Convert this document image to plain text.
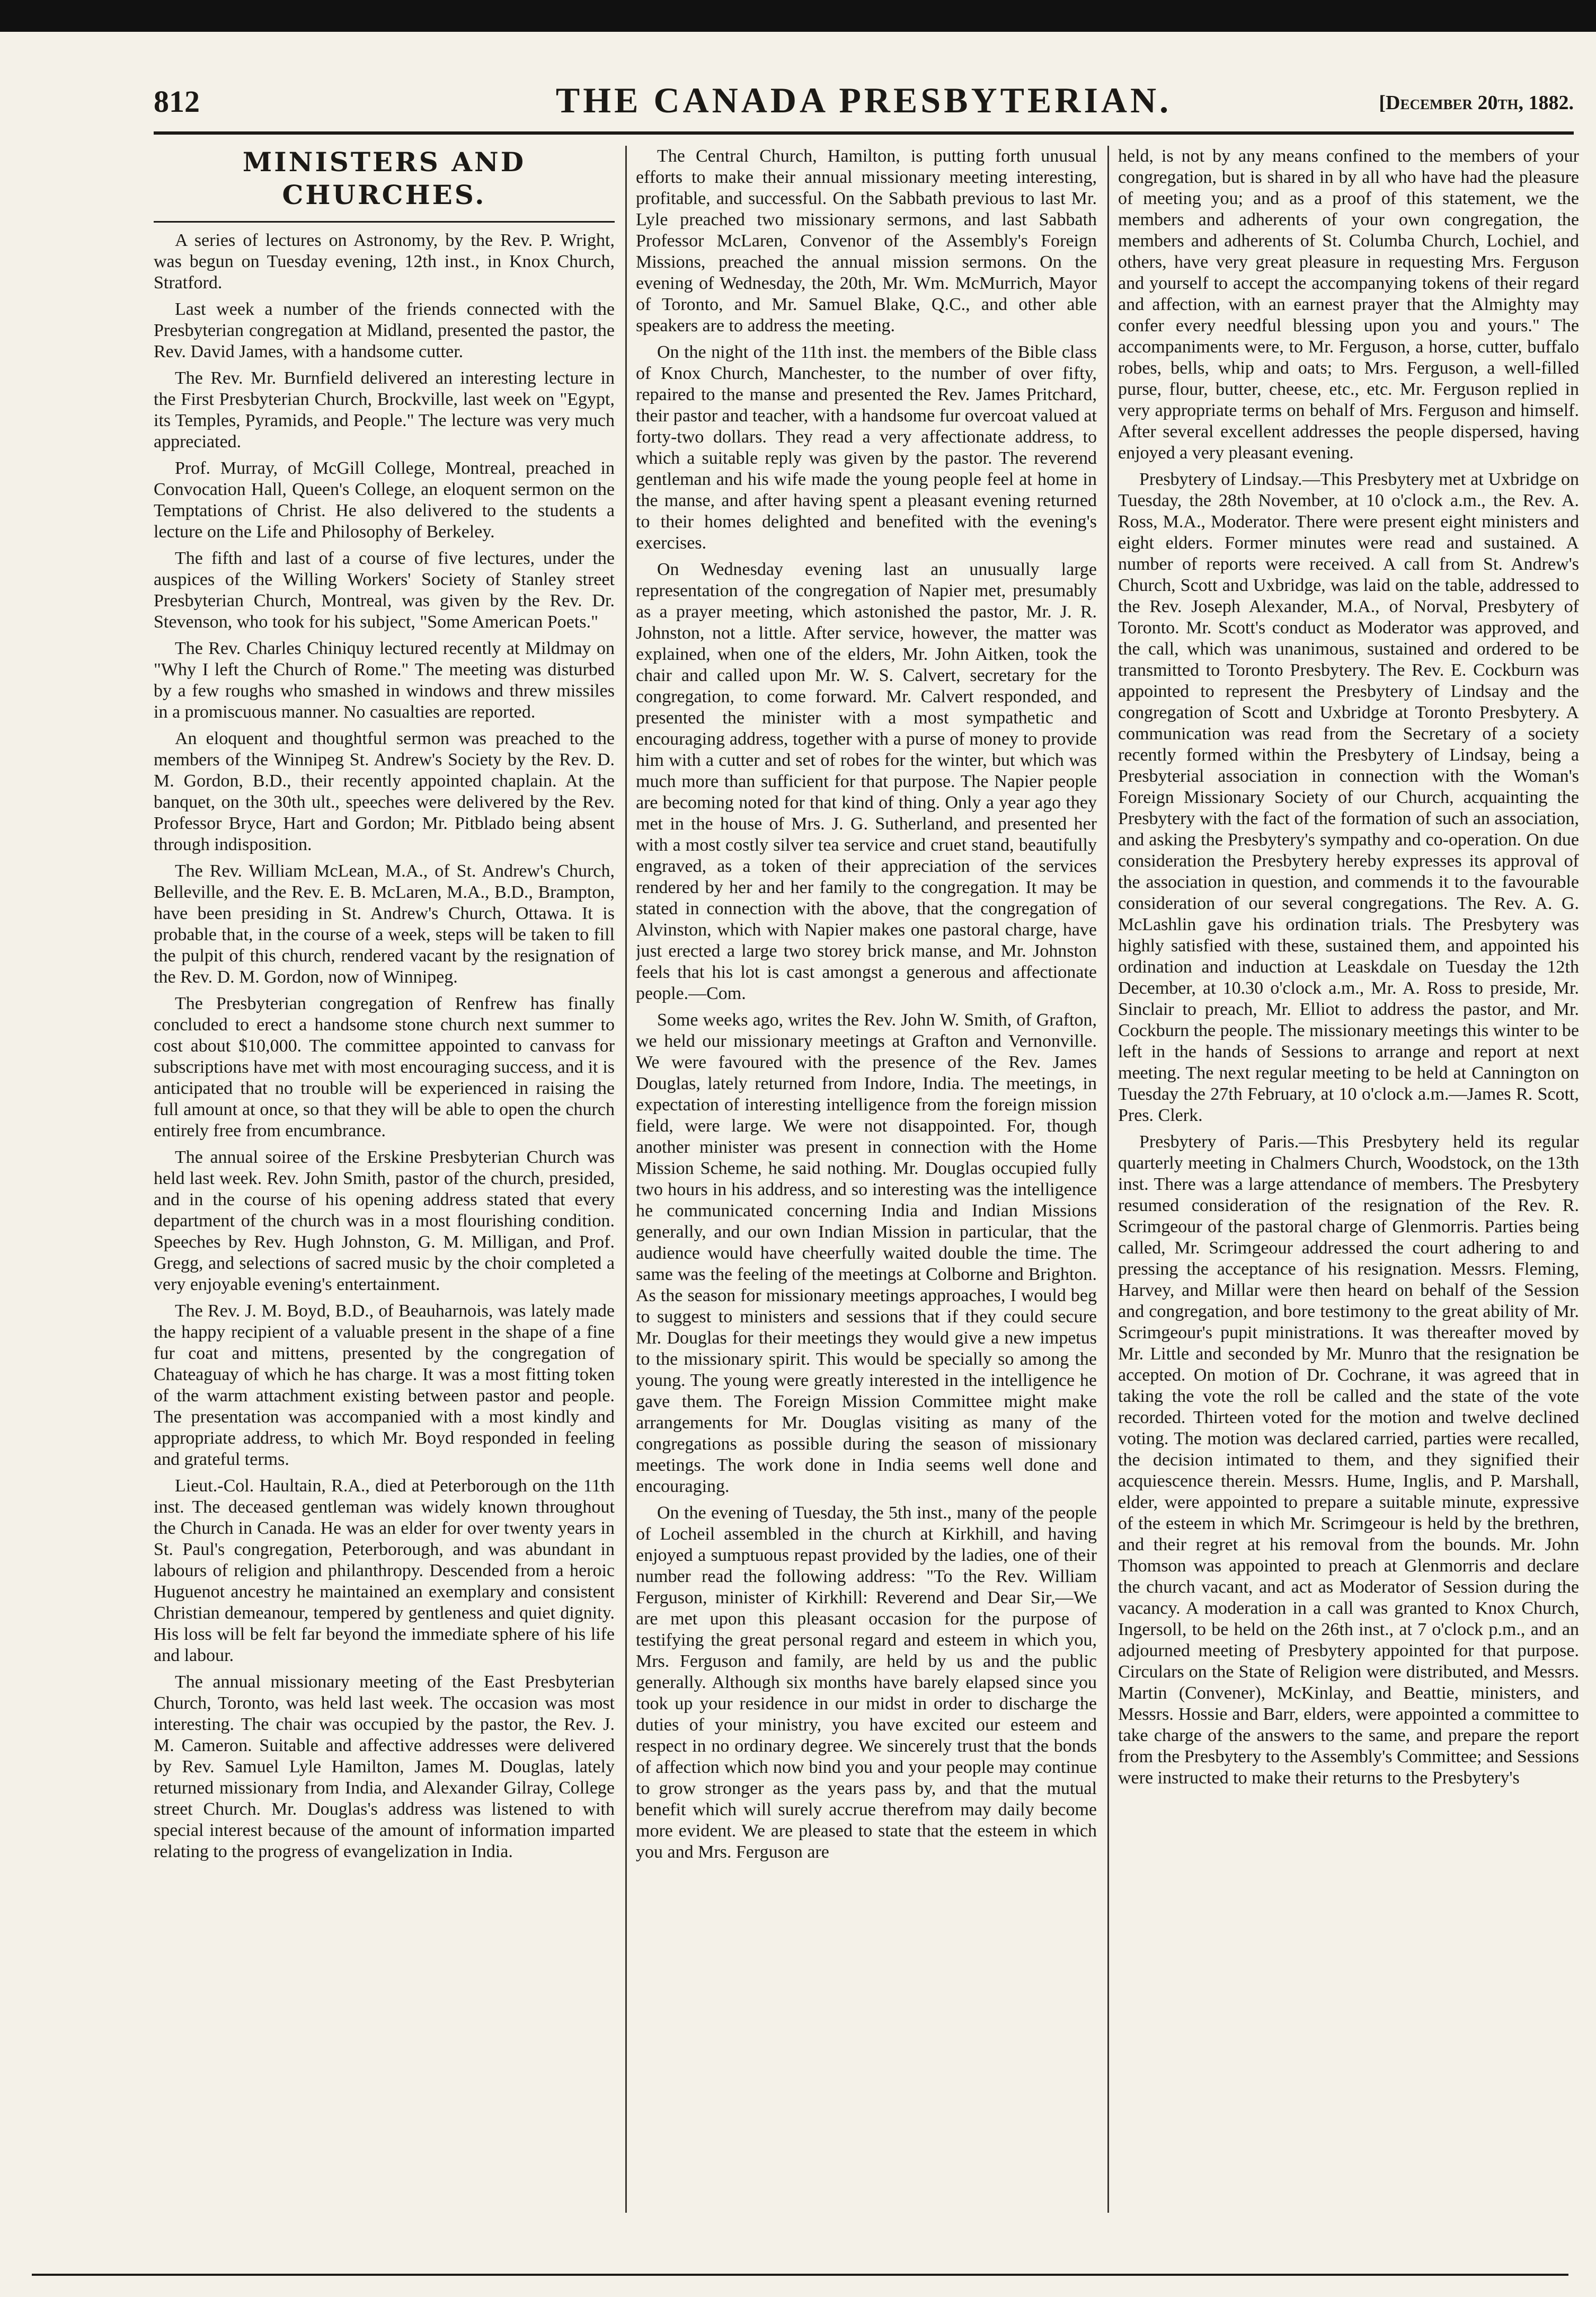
THE CANADA PRESBYTERIAN.
812	[December 20th, 1882.
MINISTERS AND CHURCHES.

A series of lectures on Astronomy, by the Rev. P. Wright, was begun on Tuesday evening, 12th inst., in Knox Church, Stratford.

Last week a number of the friends connected with the Presbyterian congregation at Midland, presented the pastor, the Rev. David James, with a handsome cutter.

The Rev. Mr. Burnfield delivered an interesting lecture in the First Presbyterian Church, Brockville, last week on "Egypt, its Temples, Pyramids, and People." The lecture was very much appreciated.

Prof. Murray, of McGill College, Montreal, preached in Convocation Hall, Queen's College, an eloquent sermon on the Temptations of Christ. He also delivered to the students a lecture on the Life and Philosophy of Berkeley.

The fifth and last of a course of five lectures, under the auspices of the Willing Workers' Society of Stanley street Presbyterian Church, Montreal, was given by the Rev. Dr. Stevenson, who took for his subject, "Some American Poets."

The Rev. Charles Chiniquy lectured recently at Mildmay on "Why I left the Church of Rome." The meeting was disturbed by a few roughs who smashed in windows and threw missiles in a promiscuous manner. No casualties are reported.

An eloquent and thoughtful sermon was preached to the members of the Winnipeg St. Andrew's Society by the Rev. D. M. Gordon, B.D., their recently appointed chaplain. At the banquet, on the 30th ult., speeches were delivered by the Rev. Professor Bryce, Hart and Gordon; Mr. Pitblado being absent through indisposition.

The Rev. William McLean, M.A., of St. Andrew's Church, Belleville, and the Rev. E. B. McLaren, M.A., B.D., Brampton, have been presiding in St. Andrew's Church, Ottawa. It is probable that, in the course of a week, steps will be taken to fill the pulpit of this church, rendered vacant by the resignation of the Rev. D. M. Gordon, now of Winnipeg.

The Presbyterian congregation of Renfrew has finally concluded to erect a handsome stone church next summer to cost about $10,000. The committee appointed to canvass for subscriptions have met with most encouraging success, and it is anticipated that no trouble will be experienced in raising the full amount at once, so that they will be able to open the church entirely free from encumbrance.

The annual soiree of the Erskine Presbyterian Church was held last week. Rev. John Smith, pastor of the church, presided, and in the course of his opening address stated that every department of the church was in a most flourishing condition. Speeches by Rev. Hugh Johnston, G. M. Milligan, and Prof. Gregg, and selections of sacred music by the choir completed a very enjoyable evening's entertainment.

The Rev. J. M. Boyd, B.D., of Beauharnois, was lately made the happy recipient of a valuable present in the shape of a fine fur coat and mittens, presented by the congregation of Chateaguay of which he has charge. It was a most fitting token of the warm attachment existing between pastor and people. The presentation was accompanied with a most kindly and appropriate address, to which Mr. Boyd responded in feeling and grateful terms.

Lieut.-Col. Haultain, R.A., died at Peterborough on the 11th inst. The deceased gentleman was widely known throughout the Church in Canada. He was an elder for over twenty years in St. Paul's congregation, Peterborough, and was abundant in labours of religion and philanthropy. Descended from a heroic Huguenot ancestry he maintained an exemplary and consistent Christian demeanour, tempered by gentleness and quiet dignity. His loss will be felt far beyond the immediate sphere of his life and labour.

The annual missionary meeting of the East Presbyterian Church, Toronto, was held last week. The occasion was most interesting. The chair was occupied by the pastor, the Rev. J. M. Cameron. Suitable and affective addresses were delivered by Rev. Samuel Lyle Hamilton, James M. Douglas, lately returned missionary from India, and Alexander Gilray, College street Church. Mr. Douglas's address was listened to with special interest because of the amount of information imparted relating to the progress of evangelization in India.

The Central Church, Hamilton, is putting forth unusual efforts to make their annual missionary meeting interesting, profitable, and successful. On the Sabbath previous to last Mr. Lyle preached two missionary sermons, and last Sabbath Professor McLaren, Convenor of the Assembly's Foreign Missions, preached the annual mission sermons. On the evening of Wednesday, the 20th, Mr. Wm. McMurrich, Mayor of Toronto, and Mr. Samuel Blake, Q.C., and other able speakers are to address the meeting.

On the night of the 11th inst. the members of the Bible class of Knox Church, Manchester, to the number of over fifty, repaired to the manse and presented the Rev. James Pritchard, their pastor and teacher, with a handsome fur overcoat valued at forty-two dollars. They read a very affectionate address, to which a suitable reply was given by the pastor. The reverend gentleman and his wife made the young people feel at home in the manse, and after having spent a pleasant evening returned to their homes delighted and benefited with the evening's exercises.

On Wednesday evening last an unusually large representation of the congregation of Napier met, presumably as a prayer meeting, which astonished the pastor, Mr. J. R. Johnston, not a little. After service, however, the matter was explained, when one of the elders, Mr. John Aitken, took the chair and called upon Mr. W. S. Calvert, secretary for the congregation, to come forward. Mr. Calvert responded, and presented the minister with a most sympathetic and encouraging address, together with a purse of money to provide him with a cutter and set of robes for the winter, but which was much more than sufficient for that purpose. The Napier people are becoming noted for that kind of thing. Only a year ago they met in the house of Mrs. J. G. Sutherland, and presented her with a most costly silver tea service and cruet stand, beautifully engraved, as a token of their appreciation of the services rendered by her and her family to the congregation. It may be stated in connection with the above, that the congregation of Alvinston, which with Napier makes one pastoral charge, have just erected a large two storey brick manse, and Mr. Johnston feels that his lot is cast amongst a generous and affectionate people.—Com.

Some weeks ago, writes the Rev. John W. Smith, of Grafton, we held our missionary meetings at Grafton and Vernonville. We were favoured with the presence of the Rev. James Douglas, lately returned from Indore, India. The meetings, in expectation of interesting intelligence from the foreign mission field, were large. We were not disappointed. For, though another minister was present in connection with the Home Mission Scheme, he said nothing. Mr. Douglas occupied fully two hours in his address, and so interesting was the intelligence he communicated concerning India and Indian Missions generally, and our own Indian Mission in particular, that the audience would have cheerfully waited double the time. The same was the feeling of the meetings at Colborne and Brighton. As the season for missionary meetings approaches, I would beg to suggest to ministers and sessions that if they could secure Mr. Douglas for their meetings they would give a new impetus to the missionary spirit. This would be specially so among the young. The young were greatly interested in the intelligence he gave them. The Foreign Mission Committee might make arrangements for Mr. Douglas visiting as many of the congregations as possible during the season of missionary meetings. The work done in India seems well done and encouraging.

On the evening of Tuesday, the 5th inst., many of the people of Locheil assembled in the church at Kirkhill, and having enjoyed a sumptuous repast provided by the ladies, one of their number read the following address: "To the Rev. William Ferguson, minister of Kirkhill: Reverend and Dear Sir,—We are met upon this pleasant occasion for the purpose of testifying the great personal regard and esteem in which you, Mrs. Ferguson and family, are held by us and the public generally. Although six months have barely elapsed since you took up your residence in our midst in order to discharge the duties of your ministry, you have excited our esteem and respect in no ordinary degree. We sincerely trust that the bonds of affection which now bind you and your people may continue to grow stronger as the years pass by, and that the mutual benefit which will surely accrue therefrom may daily become more evident. We are pleased to state that the esteem in which you and Mrs. Ferguson are

held, is not by any means confined to the members of your congregation, but is shared in by all who have had the pleasure of meeting you; and as a proof of this statement, we the members and adherents of your own congregation, the members and adherents of St. Columba Church, Lochiel, and others, have very great pleasure in requesting Mrs. Ferguson and yourself to accept the accompanying tokens of their regard and affection, with an earnest prayer that the Almighty may confer every needful blessing upon you and yours." The accompaniments were, to Mr. Ferguson, a horse, cutter, buffalo robes, bells, whip and oats; to Mrs. Ferguson, a well-filled purse, flour, butter, cheese, etc., etc. Mr. Ferguson replied in very appropriate terms on behalf of Mrs. Ferguson and himself. After several excellent addresses the people dispersed, having enjoyed a very pleasant evening.

Presbytery of Lindsay.—This Presbytery met at Uxbridge on Tuesday, the 28th November, at 10 o'clock a.m., the Rev. A. Ross, M.A., Moderator. There were present eight ministers and eight elders. Former minutes were read and sustained. A number of reports were received. A call from St. Andrew's Church, Scott and Uxbridge, was laid on the table, addressed to the Rev. Joseph Alexander, M.A., of Norval, Presbytery of Toronto. Mr. Scott's conduct as Moderator was approved, and the call, which was unanimous, sustained and ordered to be transmitted to Toronto Presbytery. The Rev. E. Cockburn was appointed to represent the Presbytery of Lindsay and the congregation of Scott and Uxbridge at Toronto Presbytery. A communication was read from the Secretary of a society recently formed within the Presbytery of Lindsay, being a Presbyterial association in connection with the Woman's Foreign Missionary Society of our Church, acquainting the Presbytery with the fact of the formation of such an association, and asking the Presbytery's sympathy and co-operation. On due consideration the Presbytery hereby expresses its approval of the association in question, and commends it to the favourable consideration of our several congregations. The Rev. A. G. McLashlin gave his ordination trials. The Presbytery was highly satisfied with these, sustained them, and appointed his ordination and induction at Leaskdale on Tuesday the 12th December, at 10.30 o'clock a.m., Mr. A. Ross to preside, Mr. Sinclair to preach, Mr. Elliot to address the pastor, and Mr. Cockburn the people. The missionary meetings this winter to be left in the hands of Sessions to arrange and report at next meeting. The next regular meeting to be held at Cannington on Tuesday the 27th February, at 10 o'clock a.m.—James R. Scott, Pres. Clerk.

Presbytery of Paris.—This Presbytery held its regular quarterly meeting in Chalmers Church, Woodstock, on the 13th inst. There was a large attendance of members. The Presbytery resumed consideration of the resignation of the Rev. R. Scrimgeour of the pastoral charge of Glenmorris. Parties being called, Mr. Scrimgeour addressed the court adhering to and pressing the acceptance of his resignation. Messrs. Fleming, Harvey, and Millar were then heard on behalf of the Session and congregation, and bore testimony to the great ability of Mr. Scrimgeour's pupit ministrations. It was thereafter moved by Mr. Little and seconded by Mr. Munro that the resignation be accepted. On motion of Dr. Cochrane, it was agreed that in taking the vote the roll be called and the state of the vote recorded. Thirteen voted for the motion and twelve declined voting. The motion was declared carried, parties were recalled, the decision intimated to them, and they signified their acquiescence therein. Messrs. Hume, Inglis, and P. Marshall, elder, were appointed to prepare a suitable minute, expressive of the esteem in which Mr. Scrimgeour is held by the brethren, and their regret at his removal from the bounds. Mr. John Thomson was appointed to preach at Glenmorris and declare the church vacant, and act as Moderator of Session during the vacancy. A moderation in a call was granted to Knox Church, Ingersoll, to be held on the 26th inst., at 7 o'clock p.m., and an adjourned meeting of Presbytery appointed for that purpose. Circulars on the State of Religion were distributed, and Messrs. Martin (Convener), McKinlay, and Beattie, ministers, and Messrs. Hossie and Barr, elders, were appointed a committee to take charge of the answers to the same, and prepare the report from the Presbytery to the Assembly's Committee; and Sessions were instructed to make their returns to the Presbytery's
